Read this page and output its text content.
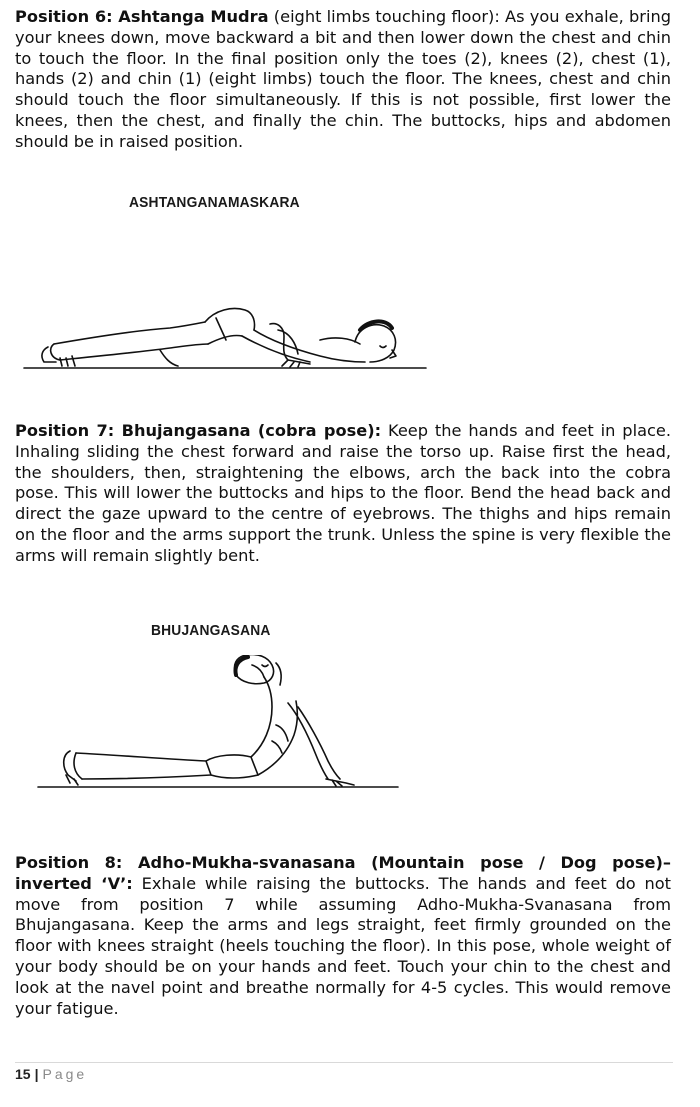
Position 6: Ashtanga Mudra (eight limbs touching floor): As you exhale, bring your knees down, move backward a bit and then lower down the chest and chin to touch the floor. In the final position only the toes (2), knees (2), chest (1), hands (2) and chin (1) (eight limbs) touch the floor. The knees, chest and chin should touch the floor simultaneously. If this is not possible, first lower the knees, then the chest, and finally the chin. The buttocks, hips and abdomen should be in raised position.

ASHTANGANAMASKARA

Position 7: Bhujangasana (cobra pose): Keep the hands and feet in place. Inhaling sliding the chest forward and raise the torso up. Raise first the head, the shoulders, then, straightening the elbows, arch the back into the cobra pose. This will lower the buttocks and hips to the floor. Bend the head back and direct the gaze upward to the centre of eyebrows. The thighs and hips remain on the floor and the arms support the trunk. Unless the spine is very flexible the arms will remain slightly bent.

BHUJANGASANA

Position 8: Adho-Mukha-svanasana (Mountain pose / Dog pose)– inverted ‘V’: Exhale while raising the buttocks. The hands and feet do not move from position 7 while assuming Adho-Mukha-Svanasana from Bhujangasana. Keep the arms and legs straight, feet firmly grounded on the floor with knees straight (heels touching the floor). In this pose, whole weight of your body should be on your hands and feet. Touch your chin to the chest and look at the navel point and breathe normally for 4-5 cycles. This would remove your fatigue.

15 | Page
